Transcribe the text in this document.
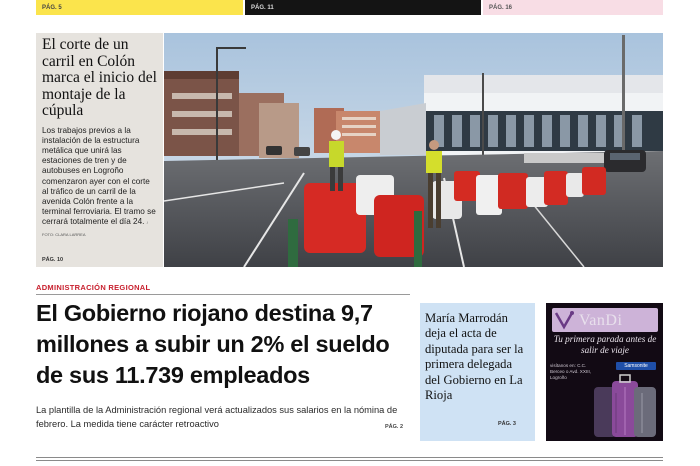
PÁG. 5	PÁG. 11	PÁG. 16
El corte de un carril en Colón marca el inicio del montaje de la cúpula
Los trabajos previos a la instalación de la estructura metálica que unirá las estaciones de tren y de autobuses en Logroño comenzaron ayer con el corte al tráfico de un carril de la avenida Colón frente a la terminal ferroviaria. El tramo se cerrará totalmente el día 24. / FOTO: CLARA LARREA
PÁG. 10
ADMINISTRACIÓN REGIONAL
El Gobierno riojano destina 9,7 millones a subir un 2% el sueldo de sus 11.739 empleados
La plantilla de la Administración regional verá actualizados sus salarios en la nómina de febrero. La medida tiene carácter retroactivo	PÁG. 2
María Marrodán deja el acta de diputada para ser la primera delegada del Gobierno en La Rioja
PÁG. 3
VanDi
Tu primera parada antes de salir de viaje
visítanos en: C.C. Berceo o Avd. XXIII, Logroño
Samsonite
